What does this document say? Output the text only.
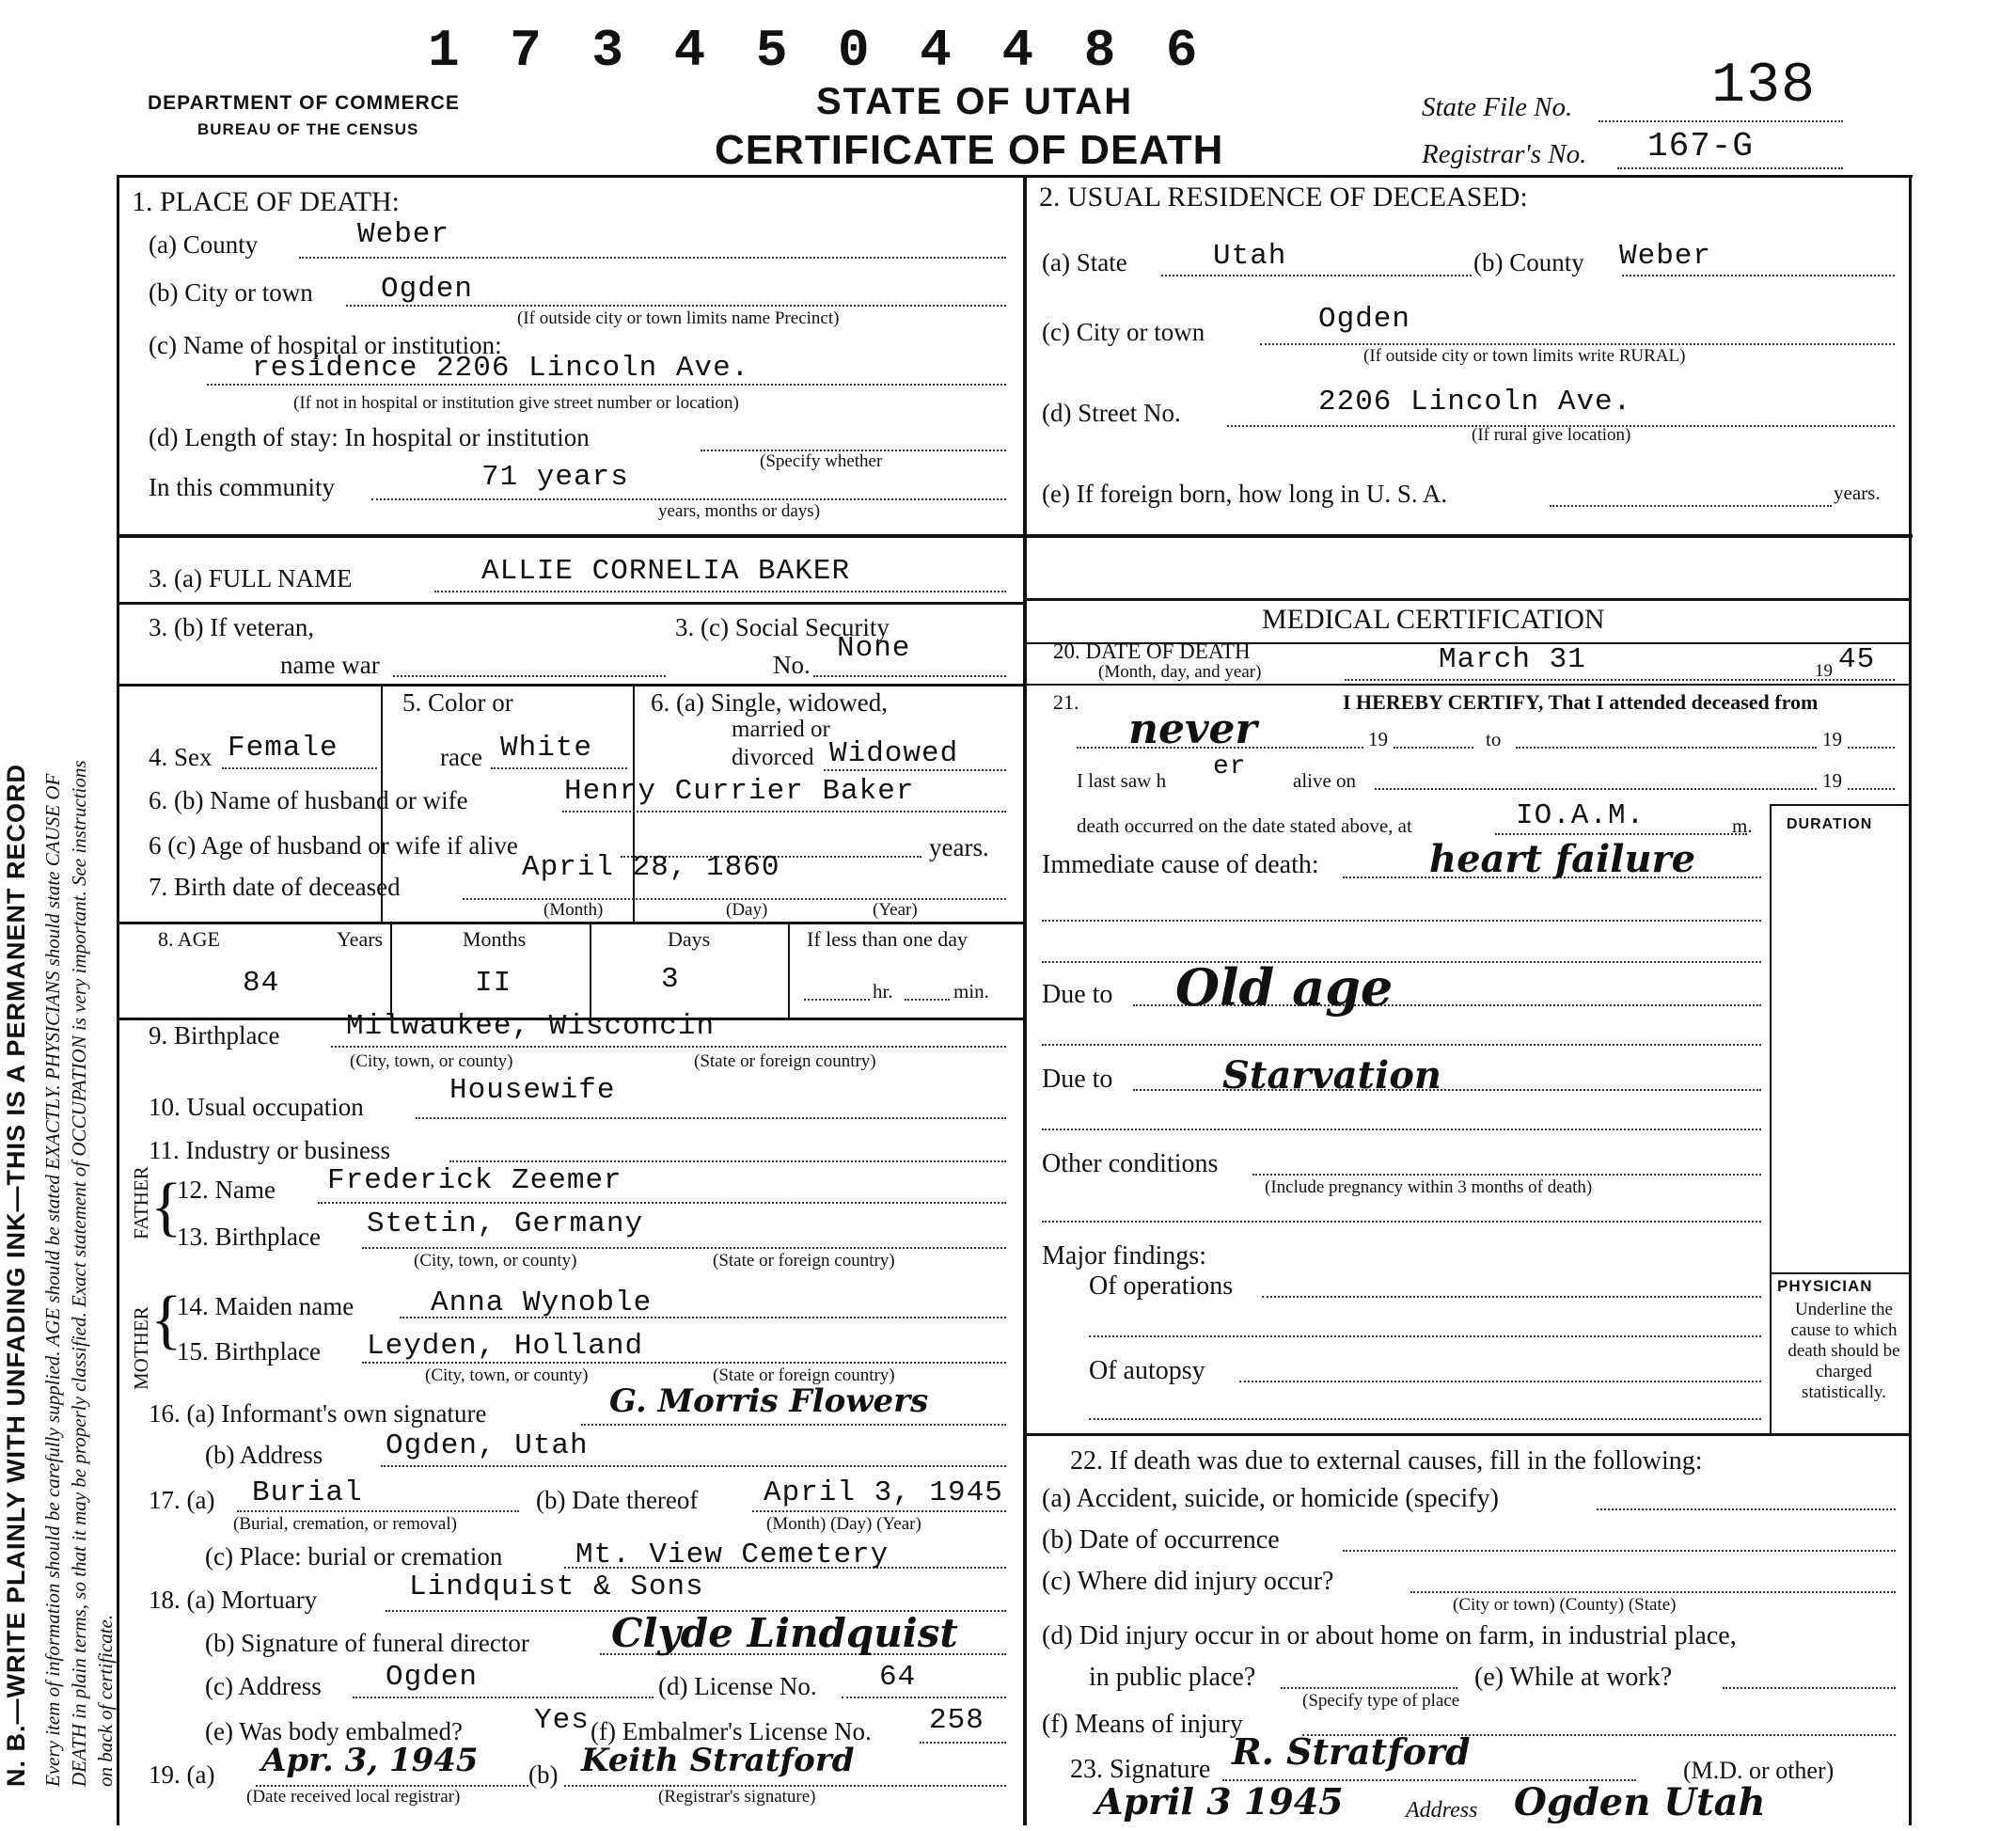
1 7 3 4 5 0 4 4 8 6
DEPARTMENT OF COMMERCE
BUREAU OF THE CENSUS
STATE OF UTAH
CERTIFICATE OF DEATH
State File No. 138
Registrar's No. 167-G
N. B.—WRITE PLAINLY WITH UNFADING INK—THIS IS A PERMANENT RECORD Every item of information should be carefully supplied. AGE should be stated EXACTLY. PHYSICIANS should state CAUSE OF DEATH in plain terms, so that it may be properly classified. Exact statement of OCCUPATION is very important. See instructions on back of certificate.
1. PLACE OF DEATH:
(a) County	Weber
(b) City or town Ogden
(If outside city or town limits name Precinct)
(c) Name of hospital or institution:
residence 2206 Lincoln Ave.
(If not in hospital or institution give street number or location)
(d) Length of stay: In hospital or institution
(Specify whether
In this community	71 years
years, months or days)
2. USUAL RESIDENCE OF DECEASED:
(a) State	Utah	(b) County Weber
(c) City or town	Ogden
(If outside city or town limits write RURAL)
(d) Street No.	2206 Lincoln Ave.
(If rural give location)
(e) If foreign born, how long in U. S. A.	years.
3. (a) FULL NAME	ALLIE CORNELIA BAKER
3. (b) If veteran,
name war
3. (c) Social Security
No. None
MEDICAL CERTIFICATION
20. DATE OF DEATH
(Month, day, and year)	March 31	19 45
4. Sex Female
5. Color or
race White
6. (a) Single, widowed,
married or
divorced Widowed
6. (b) Name of husband or wife	Henry Currier Baker
6 (c) Age of husband or wife if alive	years.
7. Birth date of deceased
April 28, 1860
(Month)	(Day)	(Year)
8. AGE	Years	Months	Days	If less than one day
84	II	3	hr.	min.
9. Birthplace Milwaukee, Wisconcin
(City, town, or county)	(State or foreign country)
10. Usual occupation	Housewife
11. Industry or business
FATHER
MOTHER
{
{
12. Name Frederick Zeemer
13. Birthplace Stetin, Germany
(City, town, or county)	(State or foreign country)
14. Maiden name	Anna Wynoble
15. Birthplace Leyden, Holland
(City, town, or county)	(State or foreign country)
16. (a) Informant's own signature	G. Morris Flowers
(b) Address Ogden, Utah
17. (a) Burial
(Burial, cremation, or removal)
(b) Date thereof April 3, 1945
(Month) (Day) (Year)
(c) Place: burial or cremation	Mt. View Cemetery
18. (a) Mortuary	Lindquist & Sons
(b) Signature of funeral director Clyde Lindquist
(c) Address Ogden	(d) License No. 64
(e) Was body embalmed? Yes (f) Embalmer's License No. 258
19. (a) Apr. 3, 1945
(Date received local registrar)
(b) Keith Stratford
(Registrar's signature)
21.	I HEREBY CERTIFY, That I attended deceased from
never	19	to	19
I last saw h er alive on	19
death occurred on the date stated above, at	IO.A.M.	m. DURATION
Immediate cause of death:	heart failure
Due to Old age
Due to	Starvation
Other conditions
(Include pregnancy within 3 months of death)
Major findings:
Of operations
Of autopsy
PHYSICIAN
Underline the cause to which death should be charged statistically.
22. If death was due to external causes, fill in the following:
(a) Accident, suicide, or homicide (specify)
(b) Date of occurrence
(c) Where did injury occur?
(City or town) (County) (State)
(d) Did injury occur in or about home on farm, in industrial place,
in public place?
(Specify type of place
(e) While at work?
(f) Means of injury
23. Signature R. Stratford	(M.D. or other)
April 3 1945	Address Ogden Utah
